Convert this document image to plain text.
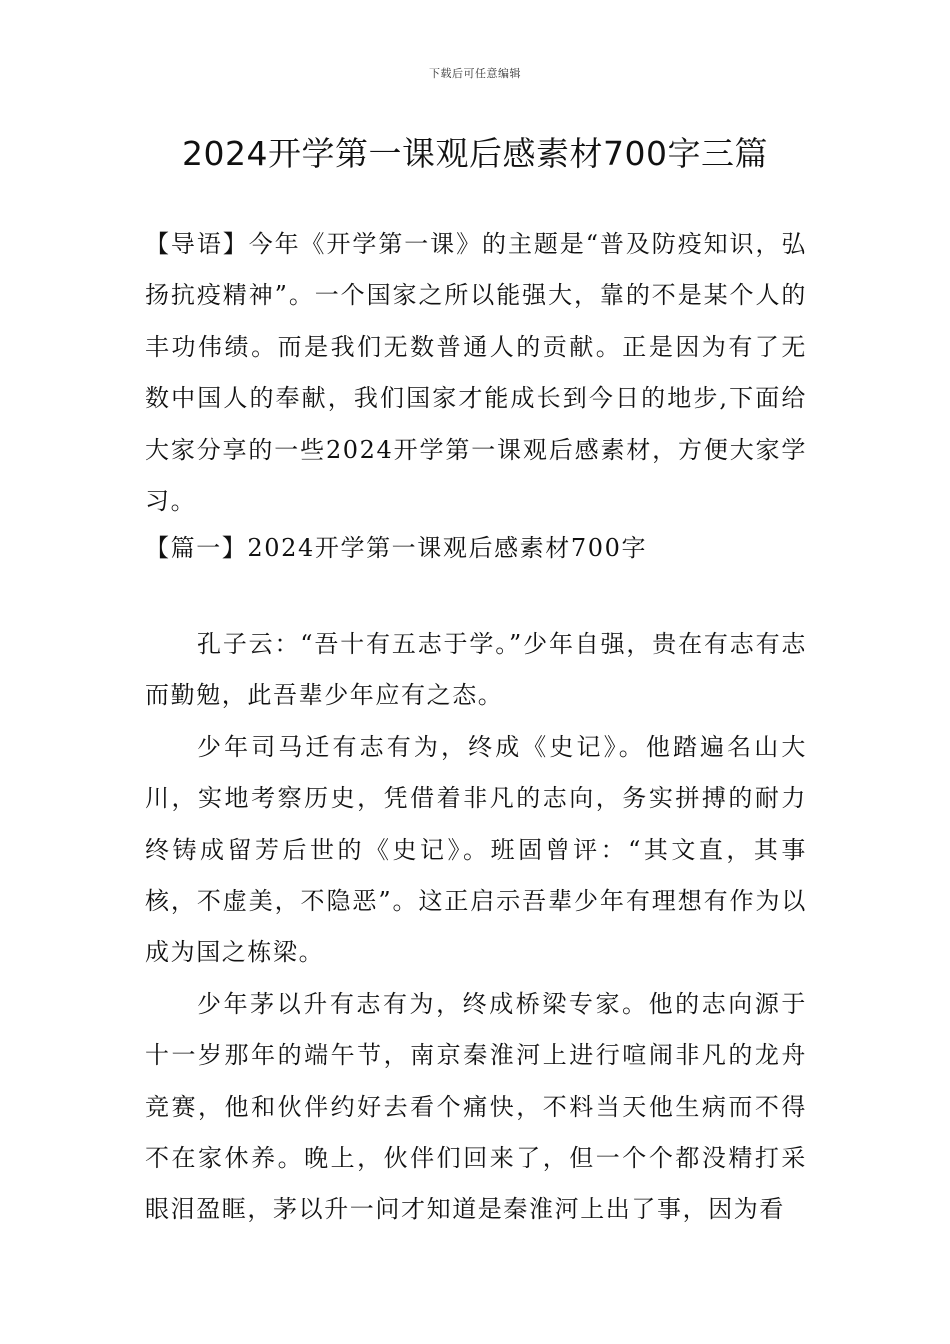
下载后可任意编辑
2024开学第一课观后感素材700字三篇

【导语】今年《开学第一课》的主题是“普及防疫知识，弘扬抗疫精神”。一个国家之所以能强大，靠的不是某个人的丰功伟绩。而是我们无数普通人的贡献。正是因为有了无数中国人的奉献，我们国家才能成长到今日的地步,下面给大家分享的一些2024开学第一课观后感素材，方便大家学习。

【篇一】2024开学第一课观后感素材700字

孔子云：“吾十有五志于学。”少年自强，贵在有志有志而勤勉，此吾辈少年应有之态。

少年司马迁有志有为，终成《史记》。他踏遍名山大川，实地考察历史，凭借着非凡的志向，务实拼搏的耐力终铸成留芳后世的《史记》。班固曾评：“其文直，其事核，不虚美，不隐恶”。这正启示吾辈少年有理想有作为以成为国之栋梁。

少年茅以升有志有为，终成桥梁专家。他的志向源于十一岁那年的端午节，南京秦淮河上进行喧闹非凡的龙舟竞赛，他和伙伴约好去看个痛快，不料当天他生病而不得不在家休养。晚上，伙伴们回来了，但一个个都没精打采眼泪盈眶，茅以升一问才知道是秦淮河上出了事，因为看
